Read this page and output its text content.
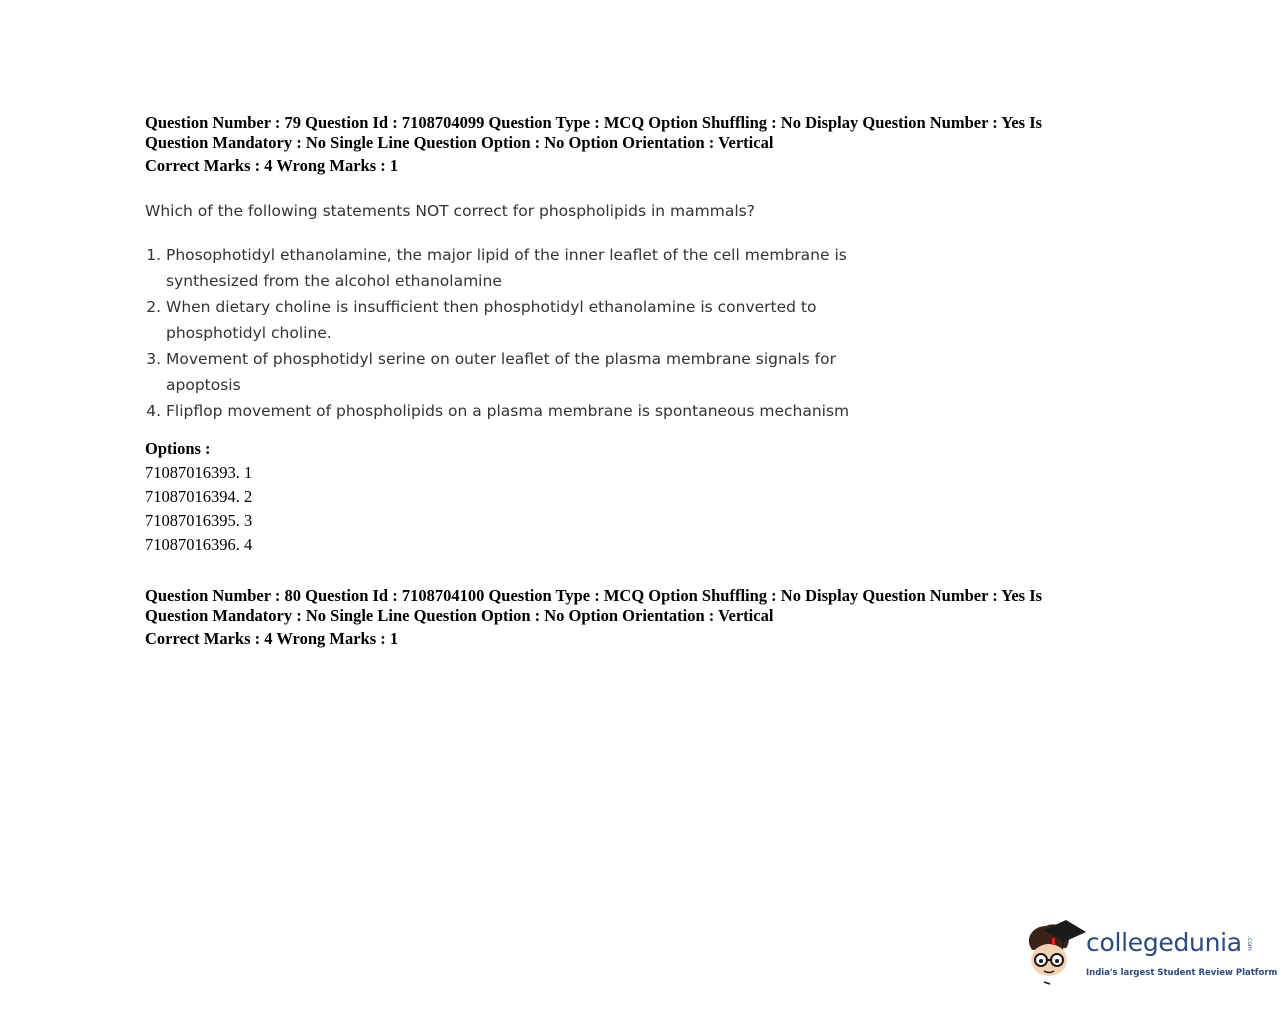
Question Number : 79 Question Id : 7108704099 Question Type : MCQ Option Shuffling : No Display Question Number : Yes Is

Question Mandatory : No Single Line Question Option : No Option Orientation : Vertical

Correct Marks : 4 Wrong Marks : 1
Which of the following statements NOT correct for phospholipids in mammals?
1. Phosophotidyl ethanolamine, the major lipid of the inner leaflet of the cell membrane is synthesized from the alcohol ethanolamine
2. When dietary choline is insufficient then phosphotidyl ethanolamine is converted to phosphotidyl choline.
3. Movement of phosphotidyl serine on outer leaflet of the plasma membrane signals for apoptosis
4. Flipflop movement of phospholipids on a plasma membrane is spontaneous mechanism
Options :
71087016393. 1
71087016394. 2
71087016395. 3
71087016396. 4

Question Number : 80 Question Id : 7108704100 Question Type : MCQ Option Shuffling : No Display Question Number : Yes Is

Question Mandatory : No Single Line Question Option : No Option Orientation : Vertical

Correct Marks : 4 Wrong Marks : 1
collegedunia .com
India's largest Student Review Platform
